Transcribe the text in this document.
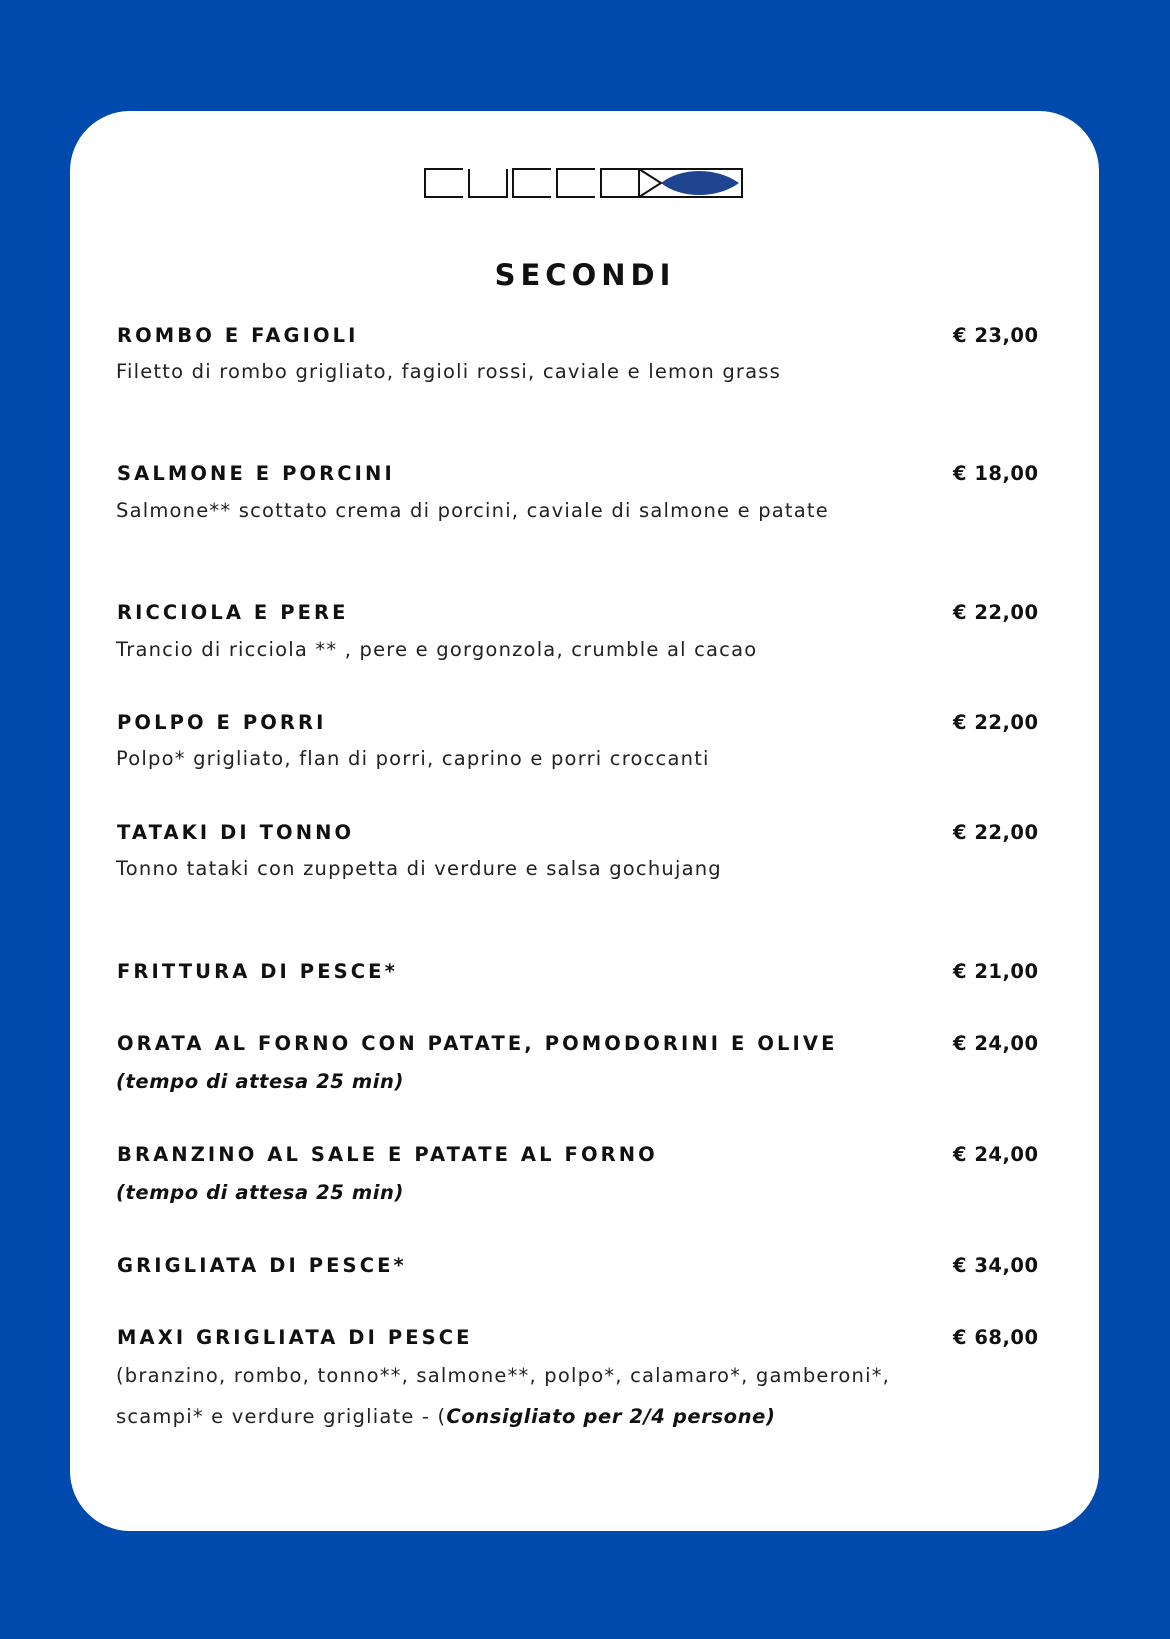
SECONDI
ROMBO E FAGIOLI	€ 23,00
Filetto di rombo grigliato, fagioli rossi, caviale e lemon grass
SALMONE E PORCINI	€ 18,00
Salmone** scottato crema di porcini, caviale di salmone e patate
RICCIOLA E PERE	€ 22,00
Trancio di ricciola ** , pere e gorgonzola, crumble al cacao
POLPO E PORRI	€ 22,00
Polpo* grigliato, flan di porri, caprino e porri croccanti
TATAKI DI TONNO	€ 22,00
Tonno tataki con zuppetta di verdure e salsa gochujang
FRITTURA DI PESCE*	€ 21,00
ORATA AL FORNO CON PATATE, POMODORINI E OLIVE	€ 24,00
(tempo di attesa 25 min)
BRANZINO AL SALE E PATATE AL FORNO	€ 24,00
(tempo di attesa 25 min)
GRIGLIATA DI PESCE*	€ 34,00
MAXI GRIGLIATA DI PESCE	€ 68,00
(branzino, rombo, tonno**, salmone**, polpo*, calamaro*, gamberoni*,
scampi* e verdure grigliate - (Consigliato per 2/4 persone)
